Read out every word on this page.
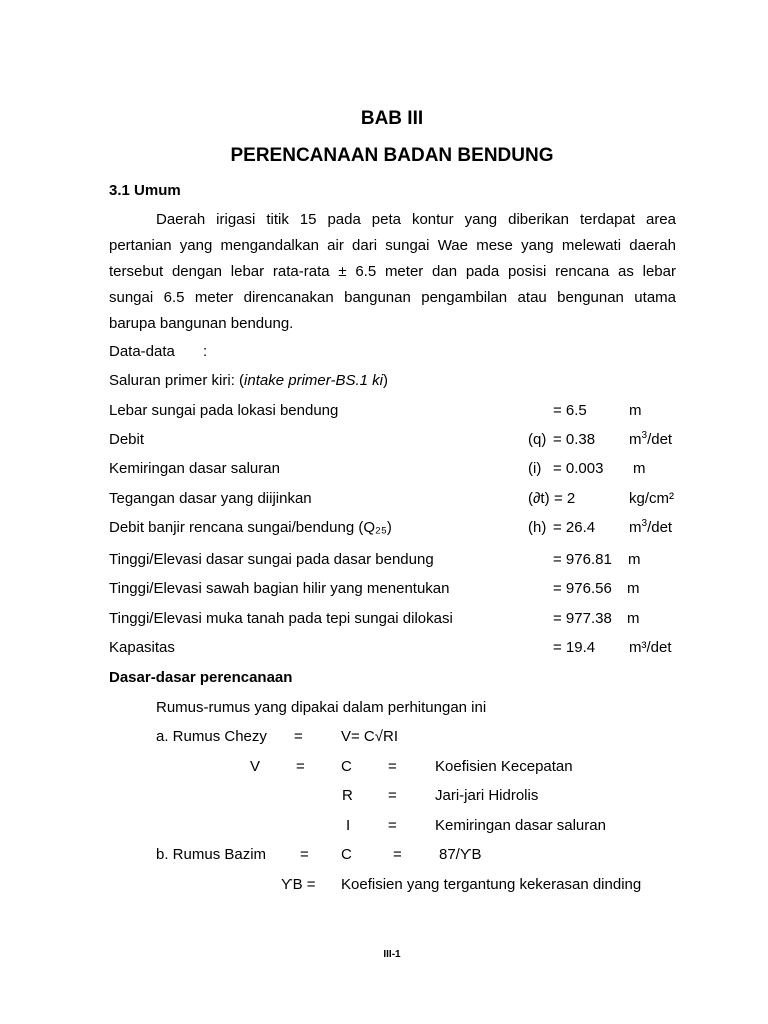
BAB III
PERENCANAAN BADAN BENDUNG
3.1 Umum
Daerah irigasi titik 15 pada peta kontur yang diberikan terdapat area
pertanian yang mengandalkan air dari sungai Wae mese yang melewati daerah
tersebut dengan lebar rata-rata ± 6.5 meter dan pada posisi rencana as lebar
sungai 6.5 meter direncanakan bangunan pengambilan atau bengunan utama
barupa bangunan bendung.
Data-data :
Saluran primer kiri: (intake primer-BS.1 ki)
Lebar sungai pada lokasi bendung	= 6.5	m
Debit	(q) = 0.38 $m^3/\det$
Kemiringan dasar saluran	(i) = 0.003 m
Tegangan dasar yang diijinkan	(∂t) = 2	kg/cm²
Debit banjir rencana sungai/bendung (Q₂₅)	(h) = 26.4 $m^3/\det$
Tinggi/Elevasi dasar sungai pada dasar bendung	= 976.81 m
Tinggi/Elevasi sawah bagian hilir yang menentukan	= 976.56 m
Tinggi/Elevasi muka tanah pada tepi sungai dilokasi	= 977.38 m
Kapasitas	= 19.4 m³/det
Dasar-dasar perencanaan
Rumus-rumus yang dipakai dalam perhitungan ini
a. Rumus Chezy =	V= C√RI
V = C =	Koefisien Kecepatan
R =	Jari-jari Hidrolis
I	=	Kemiringan dasar saluran
b. Rumus Bazim = C	= 87/ϒB
ϒB = Koefisien yang tergantung kekerasan dinding
III-1
